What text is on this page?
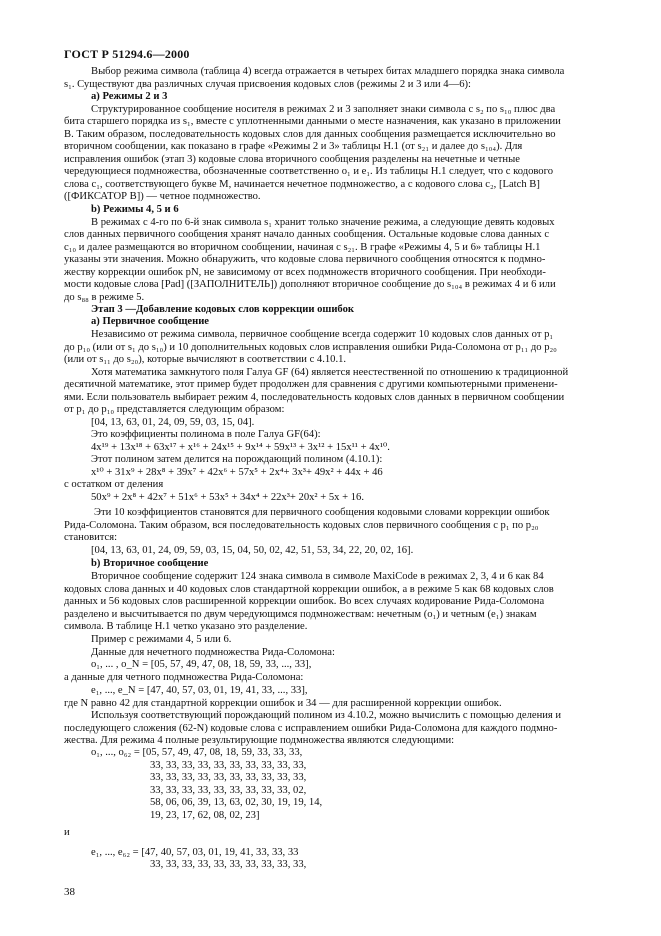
ГОСТ Р 51294.6—2000
Выбор режима символа (таблица 4) всегда отражается в четырех битах младшего порядка знака символа
s₁. Существуют два различных случая присвоения кодовых слов (режимы 2 и 3 или 4—6):
а) Режимы 2 и 3
Структурированное сообщение носителя в режимах 2 и 3 заполняет знаки символа с s₂ по s₁₀ плюс два
бита старшего порядка из s₁, вместе с уплотненными данными о месте назначения, как указано в приложении
В. Таким образом, последовательность кодовых слов для данных сообщения размещается исключительно во
вторичном сообщении, как показано в графе «Режимы 2 и 3» таблицы Н.1 (от s₂₁ и далее до s₁₀₄). Для
исправления ошибок (этап 3) кодовые слова вторичного сообщения разделены на нечетные и четные
чередующиеся подмножества, обозначенные соответственно o₁ и e₁. Из таблицы Н.1 следует, что с кодового
слова c₁, соответствующего букве М, начинается нечетное подмножество, а с кодового слова c₂, [Latch B]
([ФИКСАТОР В]) — четное подмножество.
b) Режимы 4, 5 и 6
В режимах с 4-го по 6-й знак символа s₁ хранит только значение режима, а следующие девять кодовых
слов данных первичного сообщения хранят начало данных сообщения. Остальные кодовые слова данных с
c₁₀ и далее размещаются во вторичном сообщении, начиная с s₂₁. В графе «Режимы 4, 5 и 6» таблицы Н.1
указаны эти значения. Можно обнаружить, что кодовые слова первичного сообщения относятся к подмно-
жеству коррекции ошибок pN, не зависимому от всех подмножеств вторичного сообщения. При необходи-
мости кодовые слова [Pad] ([ЗАПОЛНИТЕЛЬ]) дополняют вторичное сообщение до s₁₀₄ в режимах 4 и 6 или
до s₈₈ в режиме 5.
Этап 3 —Добавление кодовых слов коррекции ошибок
а) Первичное сообщение
Независимо от режима символа, первичное сообщение всегда содержит 10 кодовых слов данных от p₁
до p₁₀ (или от s₁ до s₁₀) и 10 дополнительных кодовых слов исправления ошибки Рида-Соломона от p₁₁ до p₂₀
(или от s₁₁ до s₂₀), которые вычисляют в соответствии с 4.10.1.
Хотя математика замкнутого поля Галуа GF (64) является неестественной по отношению к традиционной
десятичной математике, этот пример будет продолжен для сравнения с другими компьютерными применени-
ями. Если пользователь выбирает режим 4, последовательность кодовых слов данных в первичном сообщении
от p₁ до p₁₀ представляется следующим образом:
[04, 13, 63, 01, 24, 09, 59, 03, 15, 04].
Это коэффициенты полинома в поле Галуа GF(64):
4x¹⁹ + 13x¹⁸ + 63x¹⁷ + x¹⁶ + 24x¹⁵ + 9x¹⁴ + 59x¹³ + 3x¹² + 15x¹¹ + 4x¹⁰.
Этот полином затем делится на порождающий полином (4.10.1):
x¹⁰ + 31x⁹ + 28x⁸ + 39x⁷ + 42x⁶ + 57x⁵ + 2x⁴+ 3x³+ 49x² + 44x + 46
с остатком от деления
50x⁹ + 2x⁸ + 42x⁷ + 51x⁶ + 53x⁵ + 34x⁴ + 22x³+ 20x² + 5x + 16.
Эти 10 коэффициентов становятся для первичного сообщения кодовыми словами коррекции ошибок
Рида-Соломона. Таким образом, вся последовательность кодовых слов первичного сообщения с p₁ по p₂₀
становится:
[04, 13, 63, 01, 24, 09, 59, 03, 15, 04, 50, 02, 42, 51, 53, 34, 22, 20, 02, 16].
b) Вторичное сообщение
Вторичное сообщение содержит 124 знака символа в символе MaxiCode в режимах 2, 3, 4 и 6 как 84
кодовых слова данных и 40 кодовых слов стандартной коррекции ошибок, а в режиме 5 как 68 кодовых слов
данных и 56 кодовых слов расширенной коррекции ошибок. Во всех случаях кодирование Рида-Соломона
разделено и высчитывается по двум чередующимся подмножествам: нечетным (o₁) и четным (e₁) знакам
символа. В таблице Н.1 четко указано это разделение.
Пример с режимами 4, 5 или 6.
Данные для нечетного подмножества Рида-Соломона:
o₁, ... , o_N = [05, 57, 49, 47, 08, 18, 59, 33, ..., 33],
а данные для четного подмножества Рида-Соломона:
e₁, ..., e_N = [47, 40, 57, 03, 01, 19, 41, 33, ..., 33],
где N равно 42 для стандартной коррекции ошибок и 34 — для расширенной коррекции ошибок.
Используя соответствующий порождающий полином из 4.10.2, можно вычислить с помощью деления и
последующего сложения (62-N) кодовые слова с исправлением ошибки Рида-Соломона для каждого подмно-
жества. Для режима 4 полные результирующие подмножества являются следующими:
o₁, ..., o₆₂ = [05, 57, 49, 47, 08, 18, 59, 33, 33, 33,
33, 33, 33, 33, 33, 33, 33, 33, 33, 33,
33, 33, 33, 33, 33, 33, 33, 33, 33, 33,
33, 33, 33, 33, 33, 33, 33, 33, 33, 02,
58, 06, 06, 39, 13, 63, 02, 30, 19, 19, 14,
19, 23, 17, 62, 08, 02, 23]
и
e₁, ..., e₆₂ = [47, 40, 57, 03, 01, 19, 41, 33, 33, 33
33, 33, 33, 33, 33, 33, 33, 33, 33, 33,
38
